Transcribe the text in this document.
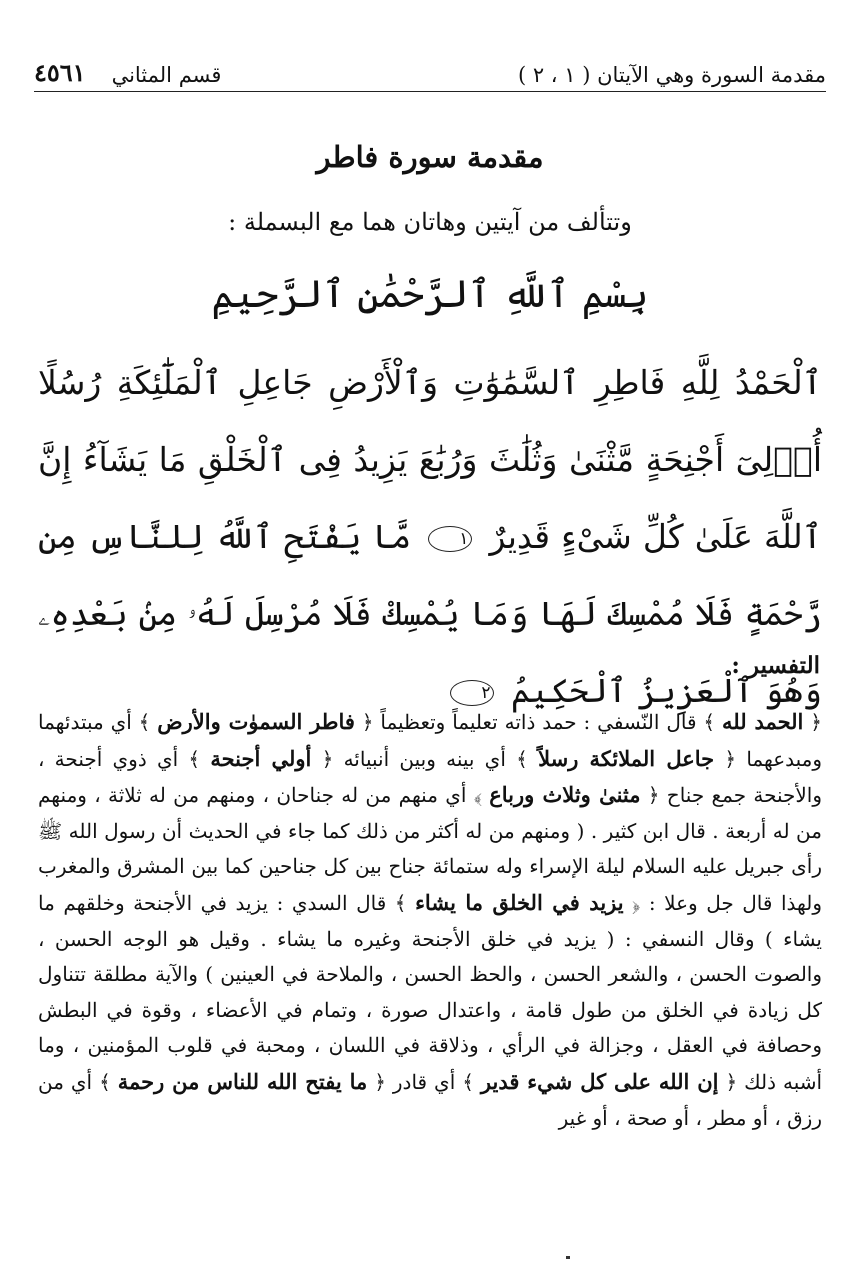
مقدمة السورة وهي الآيتان ( ١ ، ٢ )
قسم المثاني
٤٥٦١
مقدمة سورة فاطر
وتتألف من آيتين وهاتان هما مع البسملة :
بِسْمِ ٱللَّهِ ٱلرَّحْمَٰنِ ٱلرَّحِيمِ
ٱلْحَمْدُ لِلَّهِ فَاطِرِ ٱلسَّمَٰوَٰتِ وَٱلْأَرْضِ جَاعِلِ ٱلْمَلَٰٓئِكَةِ رُسُلًا أُو۟لِىٓ أَجْنِحَةٍ مَّثْنَىٰ وَثُلَٰثَ وَرُبَٰعَ يَزِيدُ فِى ٱلْخَلْقِ مَا يَشَآءُ إِنَّ ٱللَّهَ عَلَىٰ كُلِّ شَىْءٍ قَدِيرٌ ١ مَّا يَفْتَحِ ٱللَّهُ لِلنَّاسِ مِن رَّحْمَةٍ فَلَا مُمْسِكَ لَهَا وَمَا يُمْسِكْ فَلَا مُرْسِلَ لَهُۥ مِنۢ بَعْدِهِۦ وَهُوَ ٱلْعَزِيزُ ٱلْحَكِيمُ ٢
التفسير :
﴿ الحمد لله ﴾ قال النّسفي : حمد ذاته تعليماً وتعظيماً ﴿ فاطر السموٰت والأرض ﴾ أي مبتدئهما ومبدعهما ﴿ جاعل الملائكة رسلاً ﴾ أي بينه وبين أنبيائه ﴿ أولي أجنحة ﴾ أي ذوي أجنحة ، والأجنحة جمع جناح ﴿ مثنىٰ وثلاث ورباع ﴾ أي منهم من له جناحان ، ومنهم من له ثلاثة ، ومنهم من له أربعة . قال ابن كثير . ( ومنهم من له أكثر من ذلك كما جاء في الحديث أن رسول الله ﷺ رأى جبريل عليه السلام ليلة الإسراء وله ستمائة جناح بين كل جناحين كما بين المشرق والمغرب ولهذا قال جل وعلا : ﴿ يزيد في الخلق ما يشاء ﴾ قال السدي : يزيد في الأجنحة وخلقهم ما يشاء ) وقال النسفي : ( يزيد في خلق الأجنحة وغيره ما يشاء . وقيل هو الوجه الحسن ، والصوت الحسن ، والشعر الحسن ، والحظ الحسن ، والملاحة في العينين ) والآية مطلقة تتناول كل زيادة في الخلق من طول قامة ، واعتدال صورة ، وتمام في الأعضاء ، وقوة في البطش وحصافة في العقل ، وجزالة في الرأي ، وذلاقة في اللسان ، ومحبة في قلوب المؤمنين ، وما أشبه ذلك ﴿ إن الله على كل شيء قدير ﴾ أي قادر ﴿ ما يفتح الله للناس من رحمة ﴾ أي من رزق ، أو مطر ، أو صحة ، أو غير
